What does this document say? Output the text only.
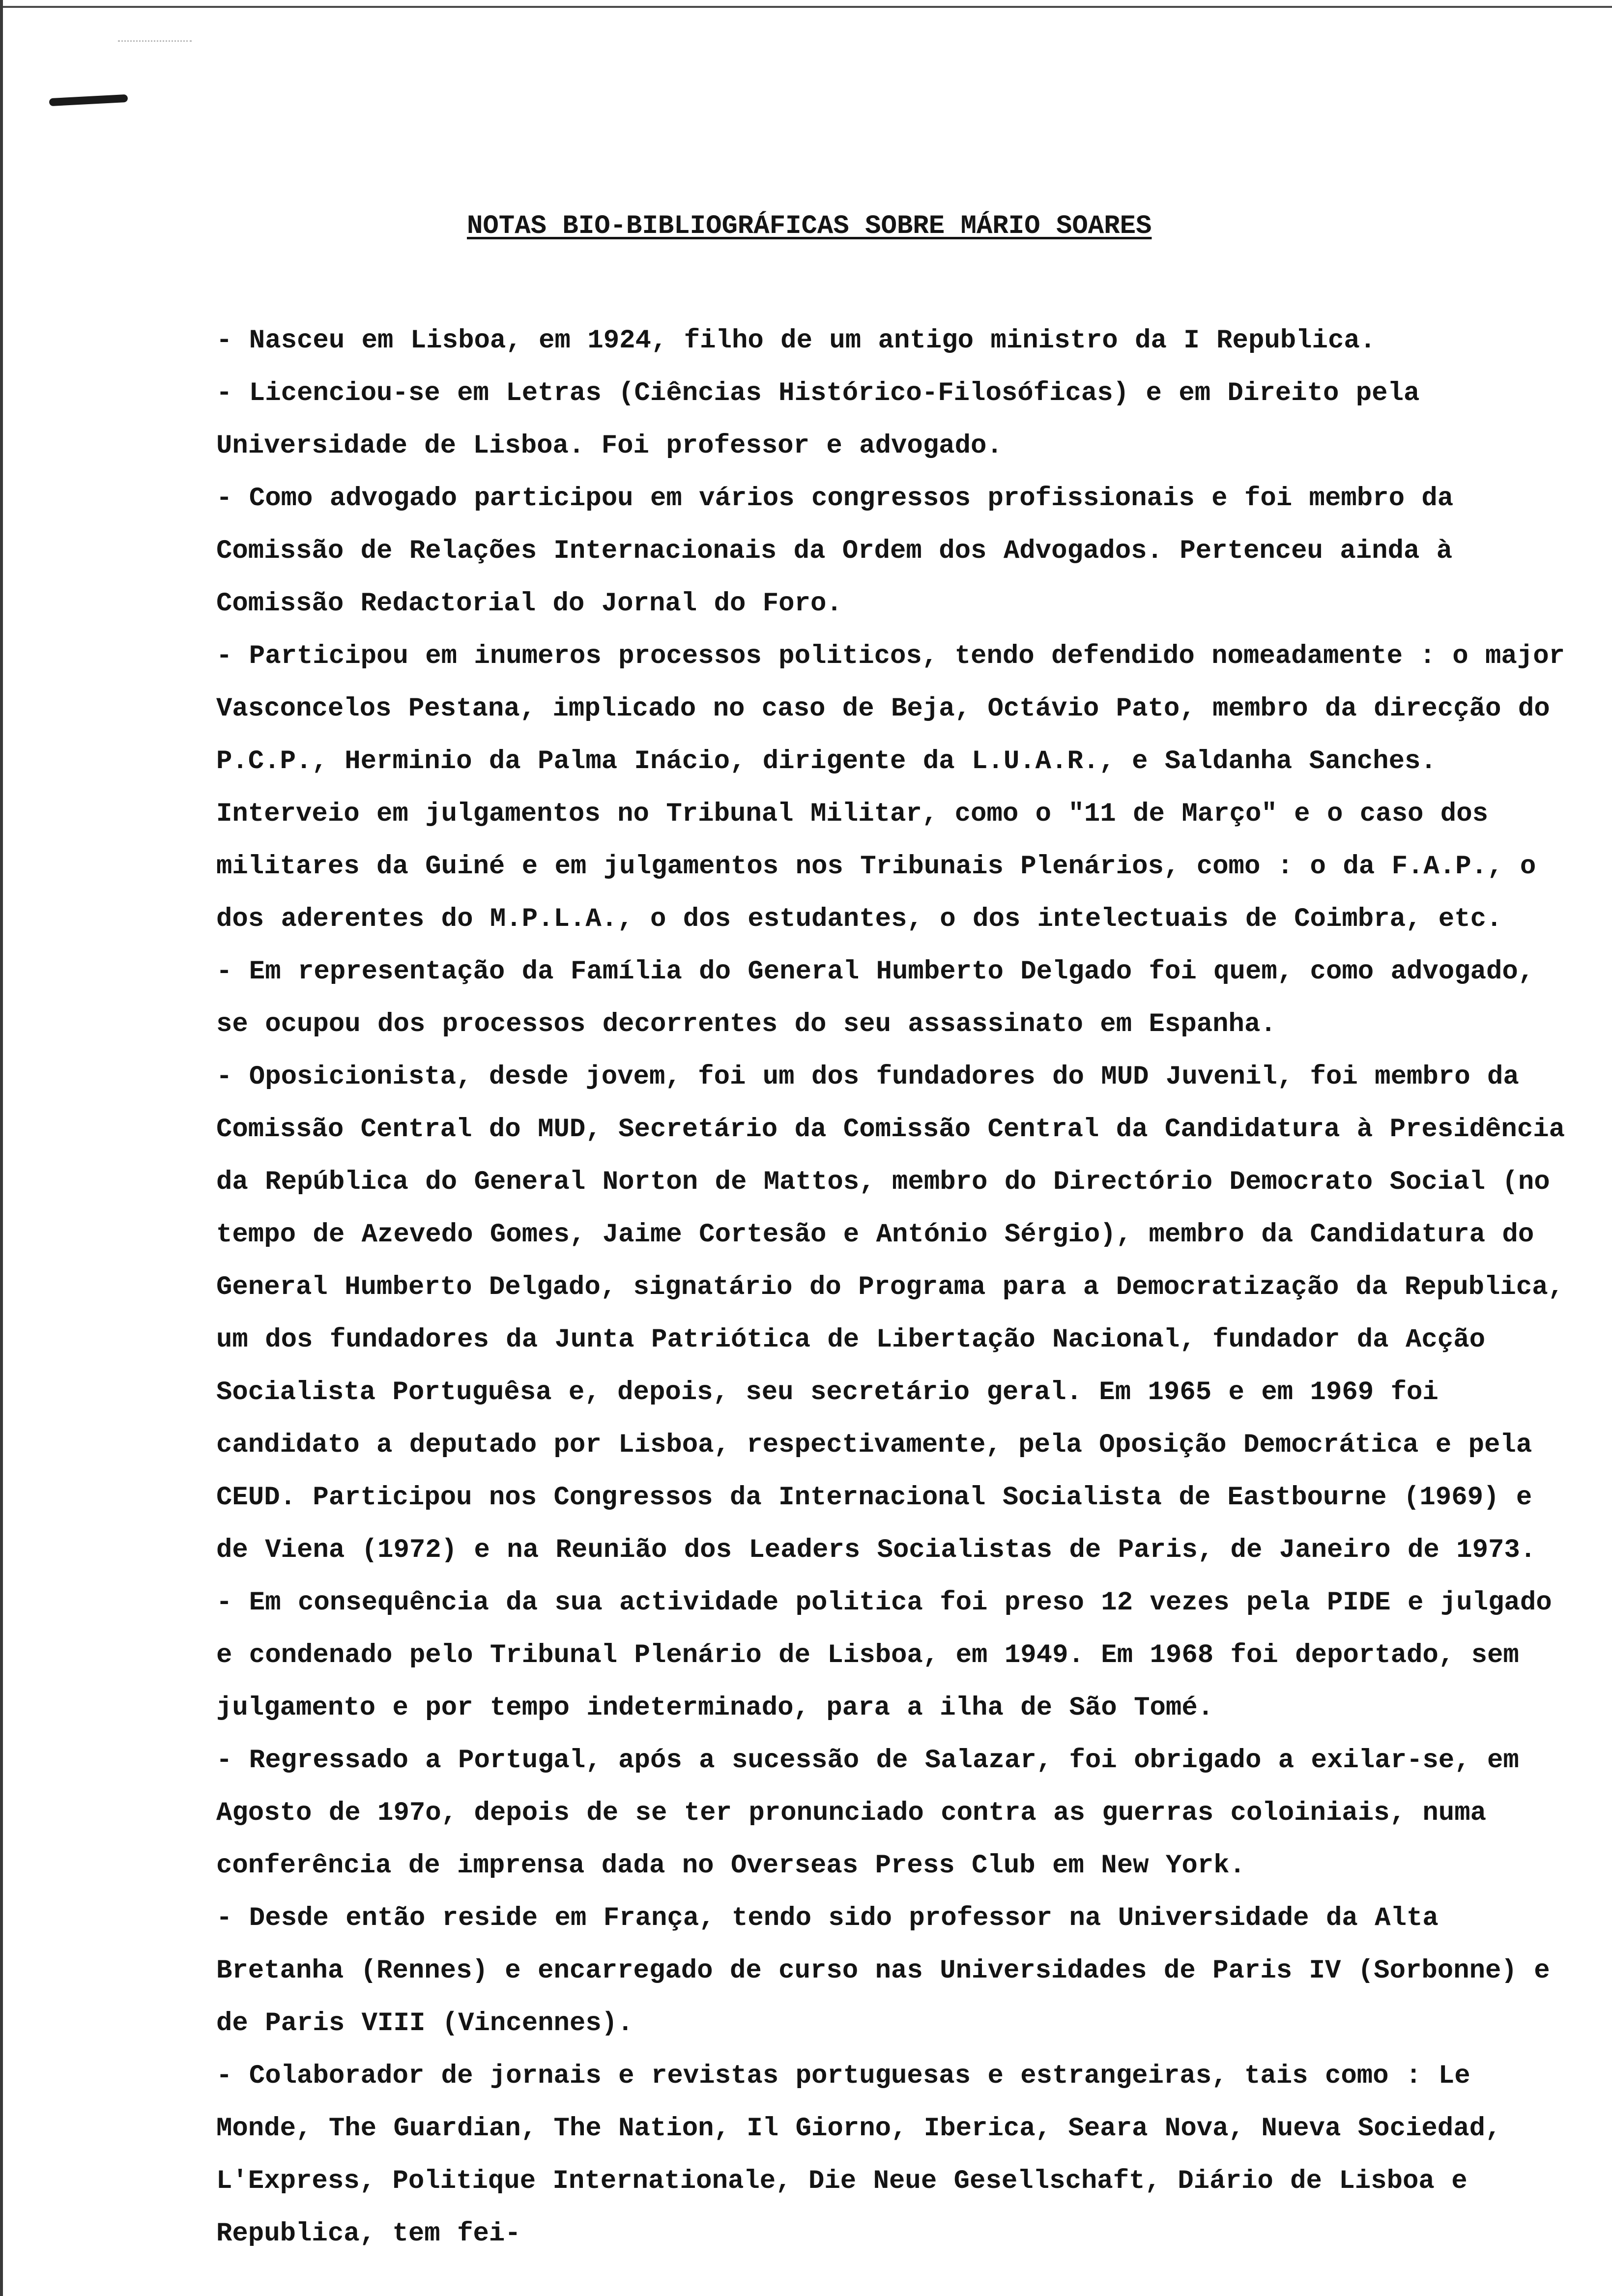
NOTAS BIO-BIBLIOGRÁFICAS SOBRE MÁRIO SOARES

- Nasceu em Lisboa, em 1924, filho de um antigo ministro da I Republica.

- Licenciou-se em Letras (Ciências Histórico-Filosóficas) e em Direito pela Universidade de Lisboa. Foi professor e advogado.

- Como advogado participou em vários congressos profissionais e foi membro da Comissão de Relações Internacionais da Ordem dos Advogados. Pertenceu ainda à Comissão Redactorial do Jornal do Foro.

- Participou em inumeros processos politicos, tendo defendido nomeadamente : o major Vasconcelos Pestana, implicado no caso de Beja, Octávio Pato, membro da direcção do P.C.P., Herminio da Palma Inácio, dirigente da L.U.A.R., e Saldanha Sanches. Interveio em julgamentos no Tribunal Militar, como o "11 de Março" e o caso dos militares da Guiné e em julgamentos nos Tribunais Plenários, como : o da F.A.P., o dos aderentes do M.P.L.A., o dos estudantes, o dos intelectuais de Coimbra, etc.

- Em representação da Família do General Humberto Delgado foi quem, como advogado, se ocupou dos processos decorrentes do seu assassinato em Espanha.

- Oposicionista, desde jovem, foi um dos fundadores do MUD Juvenil, foi membro da Comissão Central do MUD, Secretário da Comissão Central da Candidatura à Presidência da República do General Norton de Mattos, membro do Directório Democrato Social (no tempo de Azevedo Gomes, Jaime Cortesão e António Sérgio), membro da Candidatura do General Humberto Delgado, signatário do Programa para a Democratização da Republica, um dos fundadores da Junta Patriótica de Libertação Nacional, fundador da Acção Socialista Portuguêsa e, depois, seu secretário geral. Em 1965 e em 1969 foi candidato a deputado por Lisboa, respectivamente, pela Oposição Democrática e pela CEUD. Participou nos Congressos da Internacional Socialista de Eastbourne (1969) e de Viena (1972) e na Reunião dos Leaders Socialistas de Paris, de Janeiro de 1973.

- Em consequência da sua actividade politica foi preso 12 vezes pela PIDE e julgado e condenado pelo Tribunal Plenário de Lisboa, em 1949. Em 1968 foi deportado, sem julgamento e por tempo indeterminado, para a ilha de São Tomé.

- Regressado a Portugal, após a sucessão de Salazar, foi obrigado a exilar-se, em Agosto de 197o, depois de se ter pronunciado contra as guerras coloiniais, numa conferência de imprensa dada no Overseas Press Club em New York.

- Desde então reside em França, tendo sido professor na Universidade da Alta Bretanha (Rennes) e encarregado de curso nas Universidades de Paris IV (Sorbonne) e de Paris VIII (Vincennes).

- Colaborador de jornais e revistas portuguesas e estrangeiras, tais como : Le Monde, The Guardian, The Nation, Il Giorno, Iberica, Seara Nova, Nueva Sociedad, L'Express, Politique Internationale, Die Neue Gesellschaft, Diário de Lisboa e Republica, tem fei-
